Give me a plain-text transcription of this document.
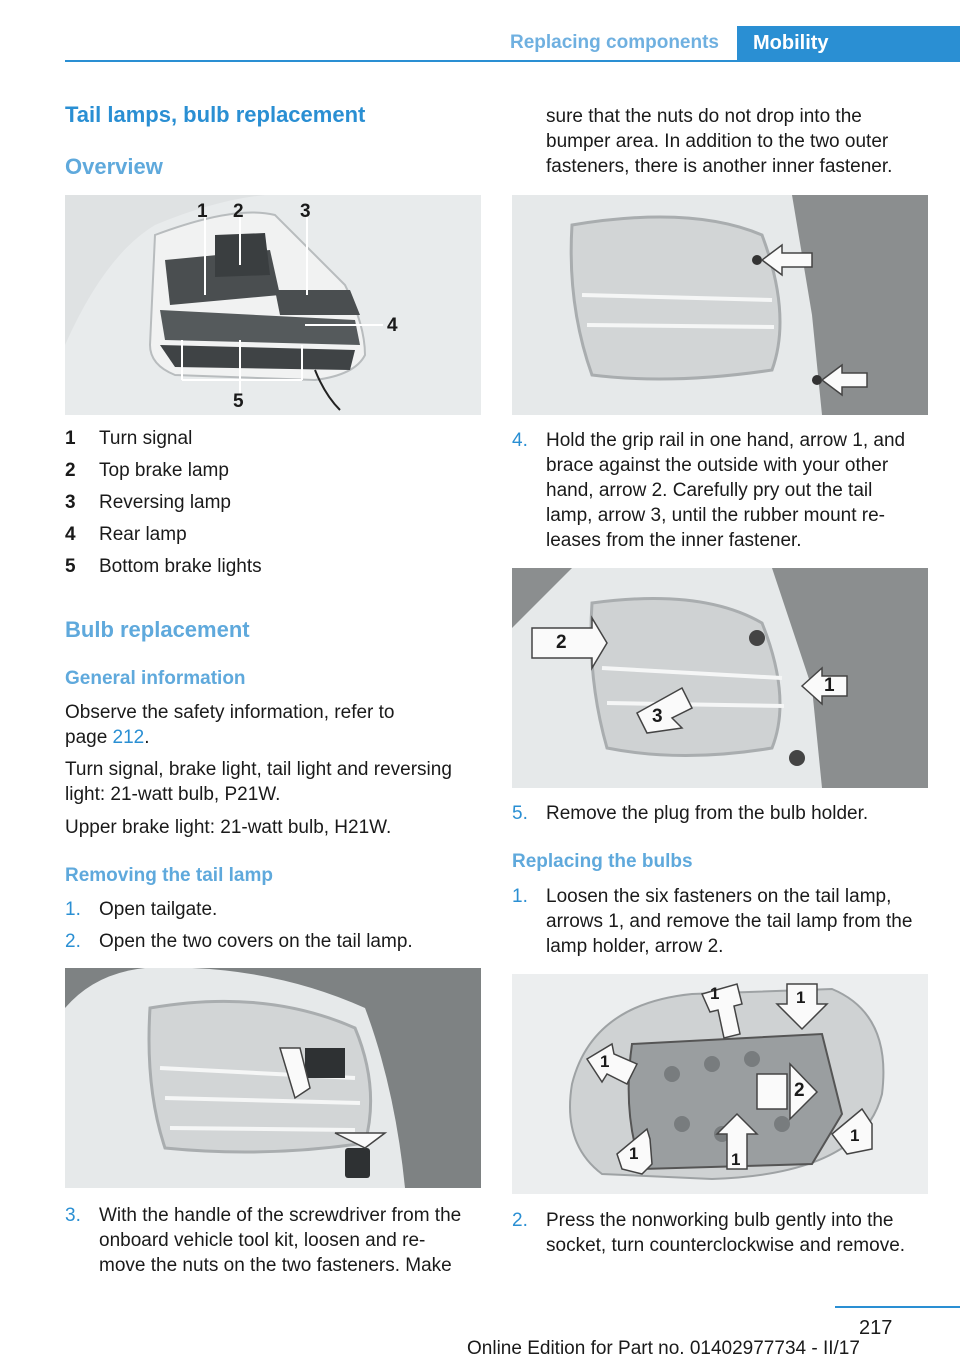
Replacing components	Mobility
Tail lamps, bulb replacement
Overview
1 2	3
4
5
1	Turn signal
2	Top brake lamp
3	Reversing lamp
4	Rear lamp
5	Bottom brake lights
Bulb replacement
General information
Observe the safety information, refer to
page 212.
Turn signal, brake light, tail light and reversing
light: 21-watt bulb, P21W.
Upper brake light: 21-watt bulb, H21W.
Removing the tail lamp
1. Open tailgate.
2. Open the two covers on the tail lamp.
3. With the handle of the screwdriver from the
onboard vehicle tool kit, loosen and re-
move the nuts on the two fasteners. Make
sure that the nuts do not drop into the
bumper area. In addition to the two outer
fasteners, there is another inner fastener.
4. Hold the grip rail in one hand, arrow 1, and
brace against the outside with your other
hand, arrow 2. Carefully pry out the tail
lamp, arrow 3, until the rubber mount re-
leases from the inner fastener.
2
1
3
5. Remove the plug from the bulb holder.
Replacing the bulbs
1. Loosen the six fasteners on the tail lamp,
arrows 1, and remove the tail lamp from the
lamp holder, arrow 2.
1	1
1
2
1
1	1
2. Press the nonworking bulb gently into the
socket, turn counterclockwise and remove.
217
Online Edition for Part no. 01402977734 - II/17
